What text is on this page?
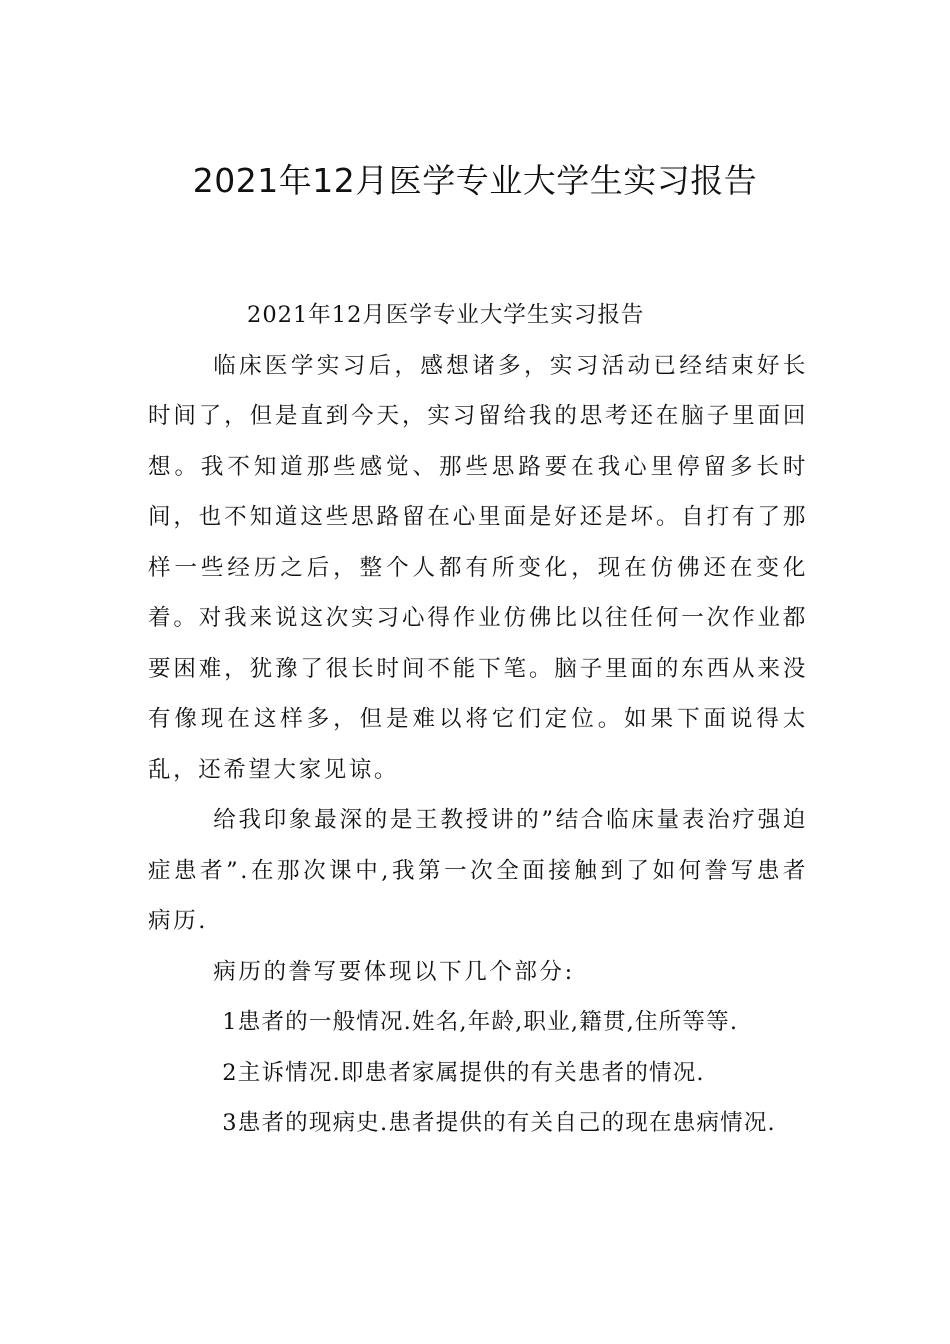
2021年12月医学专业大学生实习报告

2021年12月医学专业大学生实习报告

临床医学实习后，感想诸多，实习活动已经结束好长时间了，但是直到今天，实习留给我的思考还在脑子里面回想。我不知道那些感觉、那些思路要在我心里停留多长时间，也不知道这些思路留在心里面是好还是坏。自打有了那样一些经历之后，整个人都有所变化，现在仿佛还在变化着。对我来说这次实习心得作业仿佛比以往任何一次作业都要困难，犹豫了很长时间不能下笔。脑子里面的东西从来没有像现在这样多，但是难以将它们定位。如果下面说得太乱，还希望大家见谅。

给我印象最深的是王教授讲的”结合临床量表治疗强迫症患者”.在那次课中,我第一次全面接触到了如何誊写患者病历.

病历的誊写要体现以下几个部分:

1患者的一般情况.姓名,年龄,职业,籍贯,住所等等.

2主诉情况.即患者家属提供的有关患者的情况.

3患者的现病史.患者提供的有关自己的现在患病情况.
